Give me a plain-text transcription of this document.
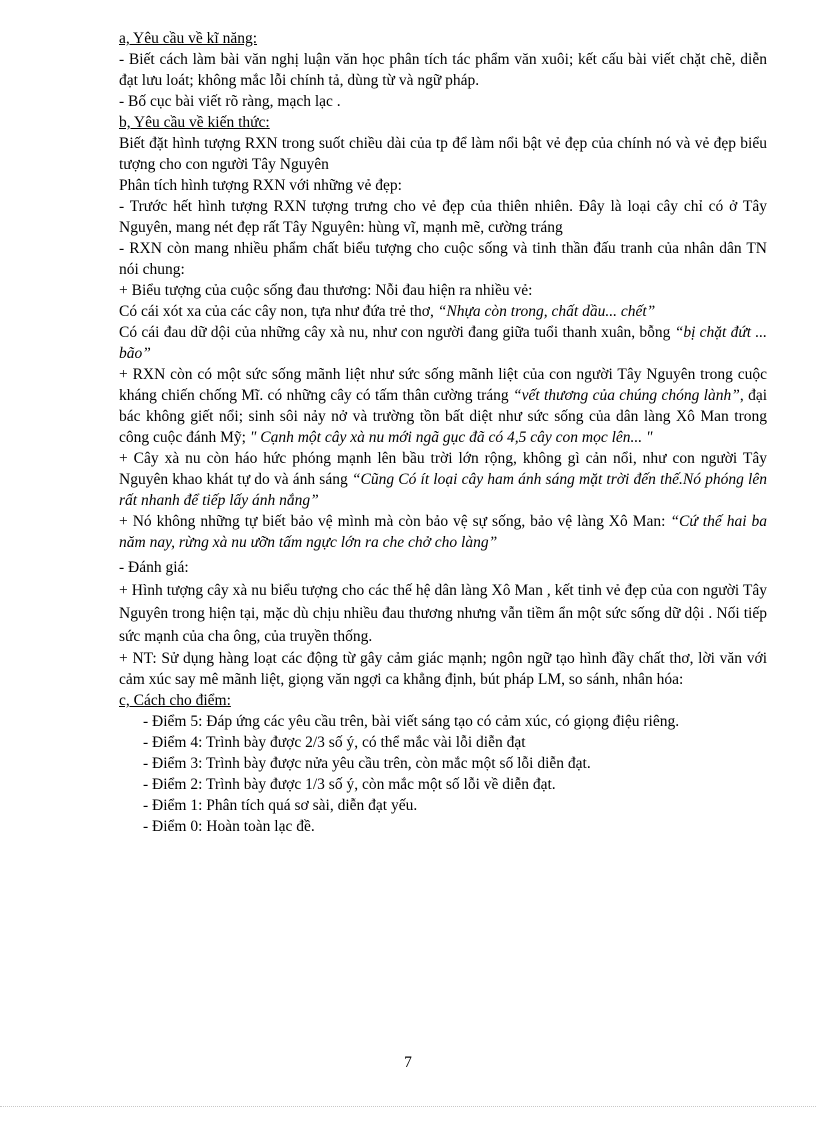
a, Yêu cầu về kĩ năng:

- Biết cách làm bài văn nghị luận văn học phân tích tác phẩm văn xuôi; kết cấu bài viết chặt chẽ, diễn đạt lưu loát; không mắc lỗi chính tả, dùng từ và ngữ pháp.

- Bố cục bài viết rõ ràng, mạch lạc .

b, Yêu cầu về kiến thức:

Biết đặt hình tượng RXN trong suốt chiều dài của tp để làm nổi bật vẻ đẹp của chính nó và vẻ đẹp biểu tượng cho con người Tây Nguyên

Phân tích hình tượng RXN với những vẻ đẹp:

- Trước hết hình tượng RXN tượng trưng cho vẻ đẹp của thiên nhiên. Đây là loại cây chỉ có ở Tây Nguyên, mang nét đẹp rất Tây Nguyên: hùng vĩ, mạnh mẽ, cường tráng

- RXN còn mang nhiều phẩm chất biểu tượng cho cuộc sống và tinh thần đấu tranh của nhân dân TN nói chung:

+ Biểu tượng của cuộc sống đau thương: Nỗi đau hiện ra nhiều vẻ:

Có cái xót xa của các cây non, tựa như đứa trẻ thơ, “Nhựa còn trong, chất dầu... chết”

Có cái đau dữ dội của những cây xà nu, như con người đang giữa tuổi thanh xuân, bỗng “bị chặt đứt ... bão”

+ RXN còn có một sức sống mãnh liệt như sức sống mãnh liệt của con người Tây Nguyên trong cuộc kháng chiến chống Mĩ. có những cây có tấm thân cường tráng “vết thương của chúng chóng lành”, đại bác không giết nổi; sinh sôi nảy nở và trường tồn bất diệt như sức sống của dân làng Xô Man trong công cuộc đánh Mỹ; " Cạnh một cây xà nu mới ngã gục đã có 4,5 cây con mọc lên... "

+ Cây xà nu còn háo hức phóng mạnh lên bầu trời lớn rộng, không gì cản nổi, như con người Tây Nguyên khao khát tự do và ánh sáng “Cũng Có ít loại cây ham ánh sáng mặt trời đến thế.Nó phóng lên rất nhanh để tiếp lấy ánh nắng”

+ Nó không những tự biết bảo vệ mình mà còn bảo vệ sự sống, bảo vệ làng Xô Man: “Cứ thế hai ba năm nay, rừng xà nu ưỡn tấm ngực lớn ra che chở cho làng”

- Đánh giá:

+ Hình tượng cây xà nu biểu tượng cho các thế hệ dân làng Xô Man , kết tinh vẻ đẹp của con người Tây Nguyên trong hiện tại, mặc dù chịu nhiều đau thương nhưng vẫn tiềm ẩn một sức sống dữ dội . Nối tiếp sức mạnh của cha ông, của truyền thống.

+ NT: Sử dụng hàng loạt các động từ gây cảm giác mạnh; ngôn ngữ tạo hình đầy chất thơ, lời văn với cảm xúc say mê mãnh liệt, giọng văn ngợi ca khẳng định, bút pháp LM, so sánh, nhân hóa:

c, Cách cho điểm:

- Điểm 5: Đáp ứng các yêu cầu trên, bài viết sáng tạo có cảm xúc, có giọng điệu riêng.

- Điểm 4: Trình bày được 2/3 số ý, có thể mắc vài lỗi diễn đạt

- Điểm 3: Trình bày được nửa yêu cầu trên, còn mắc một số lỗi diễn đạt.

- Điểm 2: Trình bày được 1/3 số ý, còn mắc một số lỗi về diễn đạt.

- Điểm 1: Phân tích quá sơ sài, diễn đạt yếu.

- Điểm 0: Hoàn toàn lạc đề.

7
